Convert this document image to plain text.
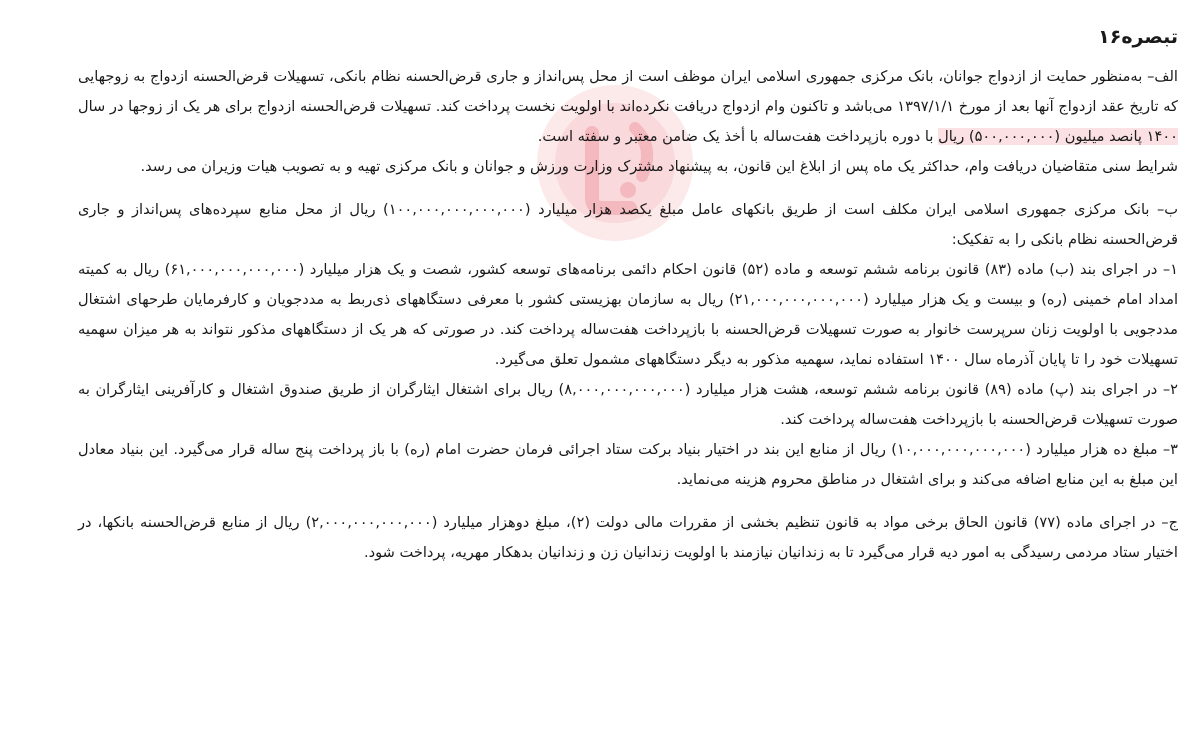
تبصره۱۶

الف– به‌منظور حمایت از ازدواج جوانان، بانک مرکزی جمهوری اسلامی ایران موظف است از محل پس‌انداز و جاری قرض‌الحسنه نظام بانکی، تسهیلات قرض‌الحسنه ازدواج به زوجهایی که تاریخ عقد ازدواج آنها بعد از مورخ ۱۳۹۷/۱/۱ می‌باشد و تاکنون وام ازدواج دریافت نکرده‌اند با اولویت نخست پرداخت کند. تسهیلات قرض‌الحسنه ازدواج برای هر یک از زوجها در سال ۱۴۰۰ پانصد میلیون (۵۰۰,۰۰۰,۰۰۰) ریال با دوره بازپرداخت هفت‌ساله با أخذ یک ضامن معتبر و سفته است.

شرایط سنی متقاضیان دریافت وام، حداکثر یک ماه پس از ابلاغ این قانون، به پیشنهاد مشترک وزارت ورزش و جوانان و بانک مرکزی تهیه و به تصویب هیات وزیران می رسد.

ب– بانک مرکزی جمهوری اسلامی ایران مکلف است از طریق بانکهای عامل مبلغ یکصد هزار میلیارد (۱۰۰,۰۰۰,۰۰۰,۰۰۰,۰۰۰) ریال از محل منابع سپرده‌های پس‌انداز و جاری قرض‌الحسنه نظام بانکی را به تفکیک:

۱– در اجرای بند (ب) ماده (۸۳) قانون برنامه ششم توسعه و ماده (۵۲) قانون احکام دائمی برنامه‌های توسعه کشور، شصت و یک هزار میلیارد (۶۱,۰۰۰,۰۰۰,۰۰۰,۰۰۰) ریال به کمیته امداد امام خمینی (ره) و بیست و یک هزار میلیارد (۲۱,۰۰۰,۰۰۰,۰۰۰,۰۰۰) ریال به سازمان بهزیستی کشور با معرفی دستگاههای ذی‌ربط به مددجویان و کارفرمایان طرحهای اشتغال مددجویی با اولویت زنان سرپرست خانوار به صورت تسهیلات قرض‌الحسنه با بازپرداخت هفت‌ساله پرداخت کند. در صورتی که هر یک از دستگاههای مذکور نتواند به هر میزان سهمیه تسهیلات خود را تا پایان آذرماه سال ۱۴۰۰ استفاده نماید، سهمیه مذکور به دیگر دستگاههای مشمول تعلق می‌گیرد.

۲– در اجرای بند (پ) ماده (۸۹) قانون برنامه ششم توسعه، هشت هزار میلیارد (۸,۰۰۰,۰۰۰,۰۰۰,۰۰۰) ریال برای اشتغال ایثارگران از طریق صندوق اشتغال و کارآفرینی ایثارگران به صورت تسهیلات قرض‌الحسنه با بازپرداخت هفت‌ساله پرداخت کند.

۳– مبلغ ده هزار میلیارد (۱۰,۰۰۰,۰۰۰,۰۰۰,۰۰۰) ریال از منابع این بند در اختیار بنیاد برکت ستاد اجرائی فرمان حضرت امام (ره) با باز پرداخت پنج ساله قرار می‌گیرد. این بنیاد معادل این مبلغ به این منابع اضافه می‌کند و برای اشتغال در مناطق محروم هزینه می‌نماید.

ج– در اجرای ماده (۷۷) قانون الحاق برخی مواد به قانون تنظیم بخشی از مقررات مالی دولت (۲)، مبلغ دوهزار میلیارد (۲,۰۰۰,۰۰۰,۰۰۰,۰۰۰) ریال از منابع قرض‌الحسنه بانکها، در اختیار ستاد مردمی رسیدگی به امور دیه قرار می‌گیرد تا به زندانیان نیازمند با اولویت زندانیان زن و زندانیان بدهکار مهریه، پرداخت شود.
